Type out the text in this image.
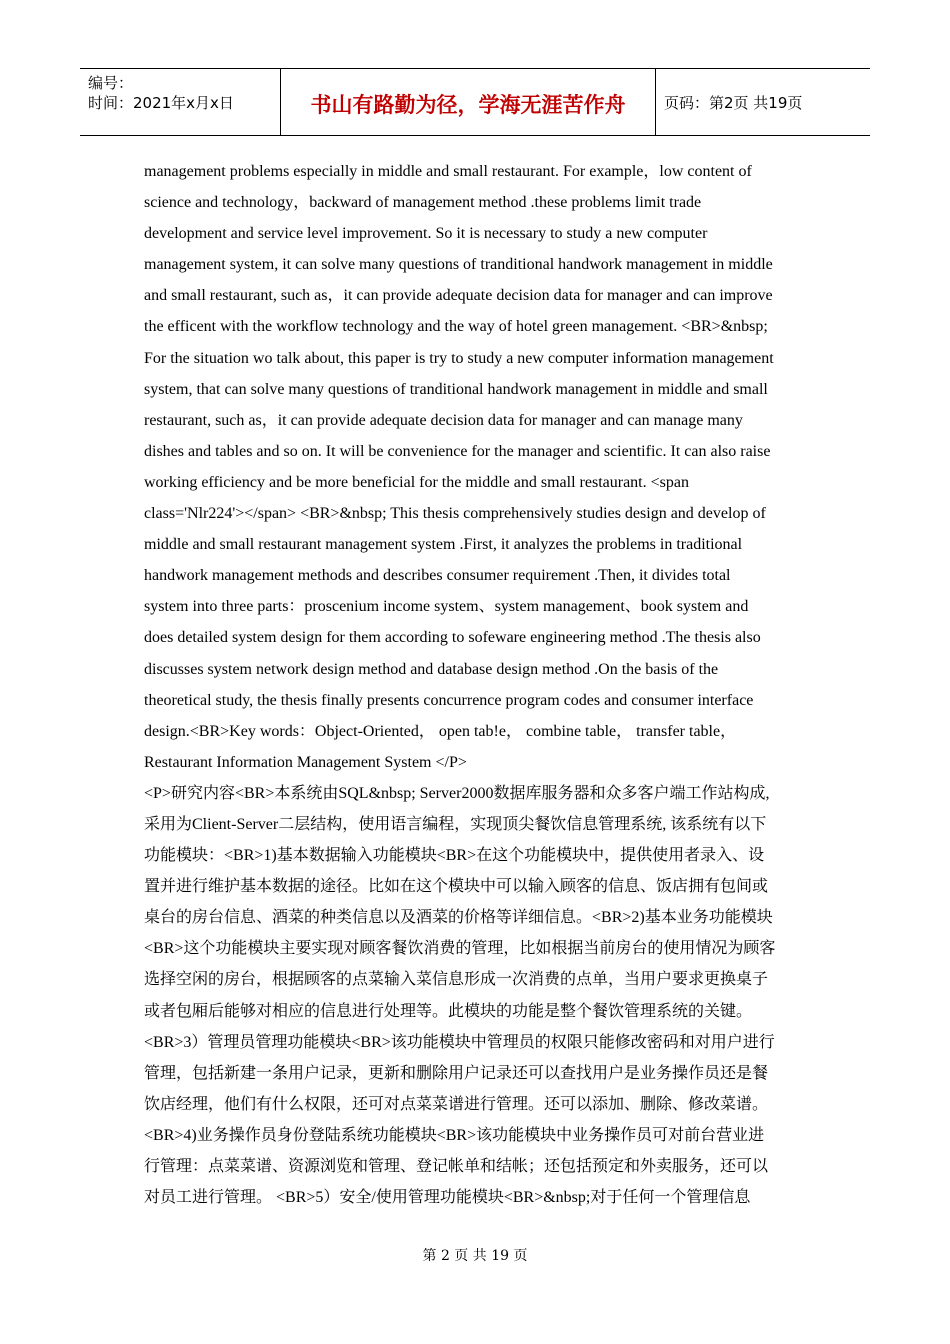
编号：
时间：2021年x月x日	书山有路勤为径，学海无涯苦作舟	页码：第2页 共19页
management problems especially in middle and small restaurant. For example，low content of
science and technology，backward of management method .these problems limit trade
development and service level improvement. So it is necessary to study a new computer
management system, it can solve many questions of tranditional handwork management in middle
and small restaurant, such as，it can provide adequate decision data for manager and can improve
the efficent with the workflow technology and the way of hotel green management. <BR>&nbsp;
For the situation wo talk about, this paper is try to study a new computer information management
system, that can solve many questions of tranditional handwork management in middle and small
restaurant, such as，it can provide adequate decision data for manager and can manage many
dishes and tables and so on. It will be convenience for the manager and scientific. It can also raise
working efficiency and be more beneficial for the middle and small restaurant. <span
class='Nlr224'></span> <BR>&nbsp; This thesis comprehensively studies design and develop of
middle and small restaurant management system .First, it analyzes the problems in traditional
handwork management methods and describes consumer requirement .Then, it divides total
system into three parts：proscenium income system、system management、book system and
does detailed system design for them according to sofeware engineering method .The thesis also
discusses system network design method and database design method .On the basis of the
theoretical study, the thesis finally presents concurrence program codes and consumer interface
design.<BR>Key words：Object-Oriented， open tab!e， combine table， transfer table，
Restaurant Information Management System </P>
<P>研究内容<BR>本系统由SQL&nbsp; Server2000数据库服务器和众多客户端工作站构成,
采用为Client-Server二层结构，使用语言编程，实现顶尖餐饮信息管理系统, 该系统有以下
功能模块：<BR>1)基本数据输入功能模块<BR>在这个功能模块中，提供使用者录入、设
置并进行维护基本数据的途径。比如在这个模块中可以输入顾客的信息、饭店拥有包间或
桌台的房台信息、酒菜的种类信息以及酒菜的价格等详细信息。<BR>2)基本业务功能模块
<BR>这个功能模块主要实现对顾客餐饮消费的管理，比如根据当前房台的使用情况为顾客
选择空闲的房台，根据顾客的点菜输入菜信息形成一次消费的点单，当用户要求更换桌子
或者包厢后能够对相应的信息进行处理等。此模块的功能是整个餐饮管理系统的关键。
<BR>3）管理员管理功能模块<BR>该功能模块中管理员的权限只能修改密码和对用户进行
管理，包括新建一条用户记录，更新和删除用户记录还可以查找用户是业务操作员还是餐
饮店经理，他们有什么权限，还可对点菜菜谱进行管理。还可以添加、删除、修改菜谱。
<BR>4)业务操作员身份登陆系统功能模块<BR>该功能模块中业务操作员可对前台营业进
行管理：点菜菜谱、资源浏览和管理、登记帐单和结帐；还包括预定和外卖服务，还可以
对员工进行管理。 <BR>5）安全/使用管理功能模块<BR>&nbsp;对于任何一个管理信息
第 2 页 共 19 页
